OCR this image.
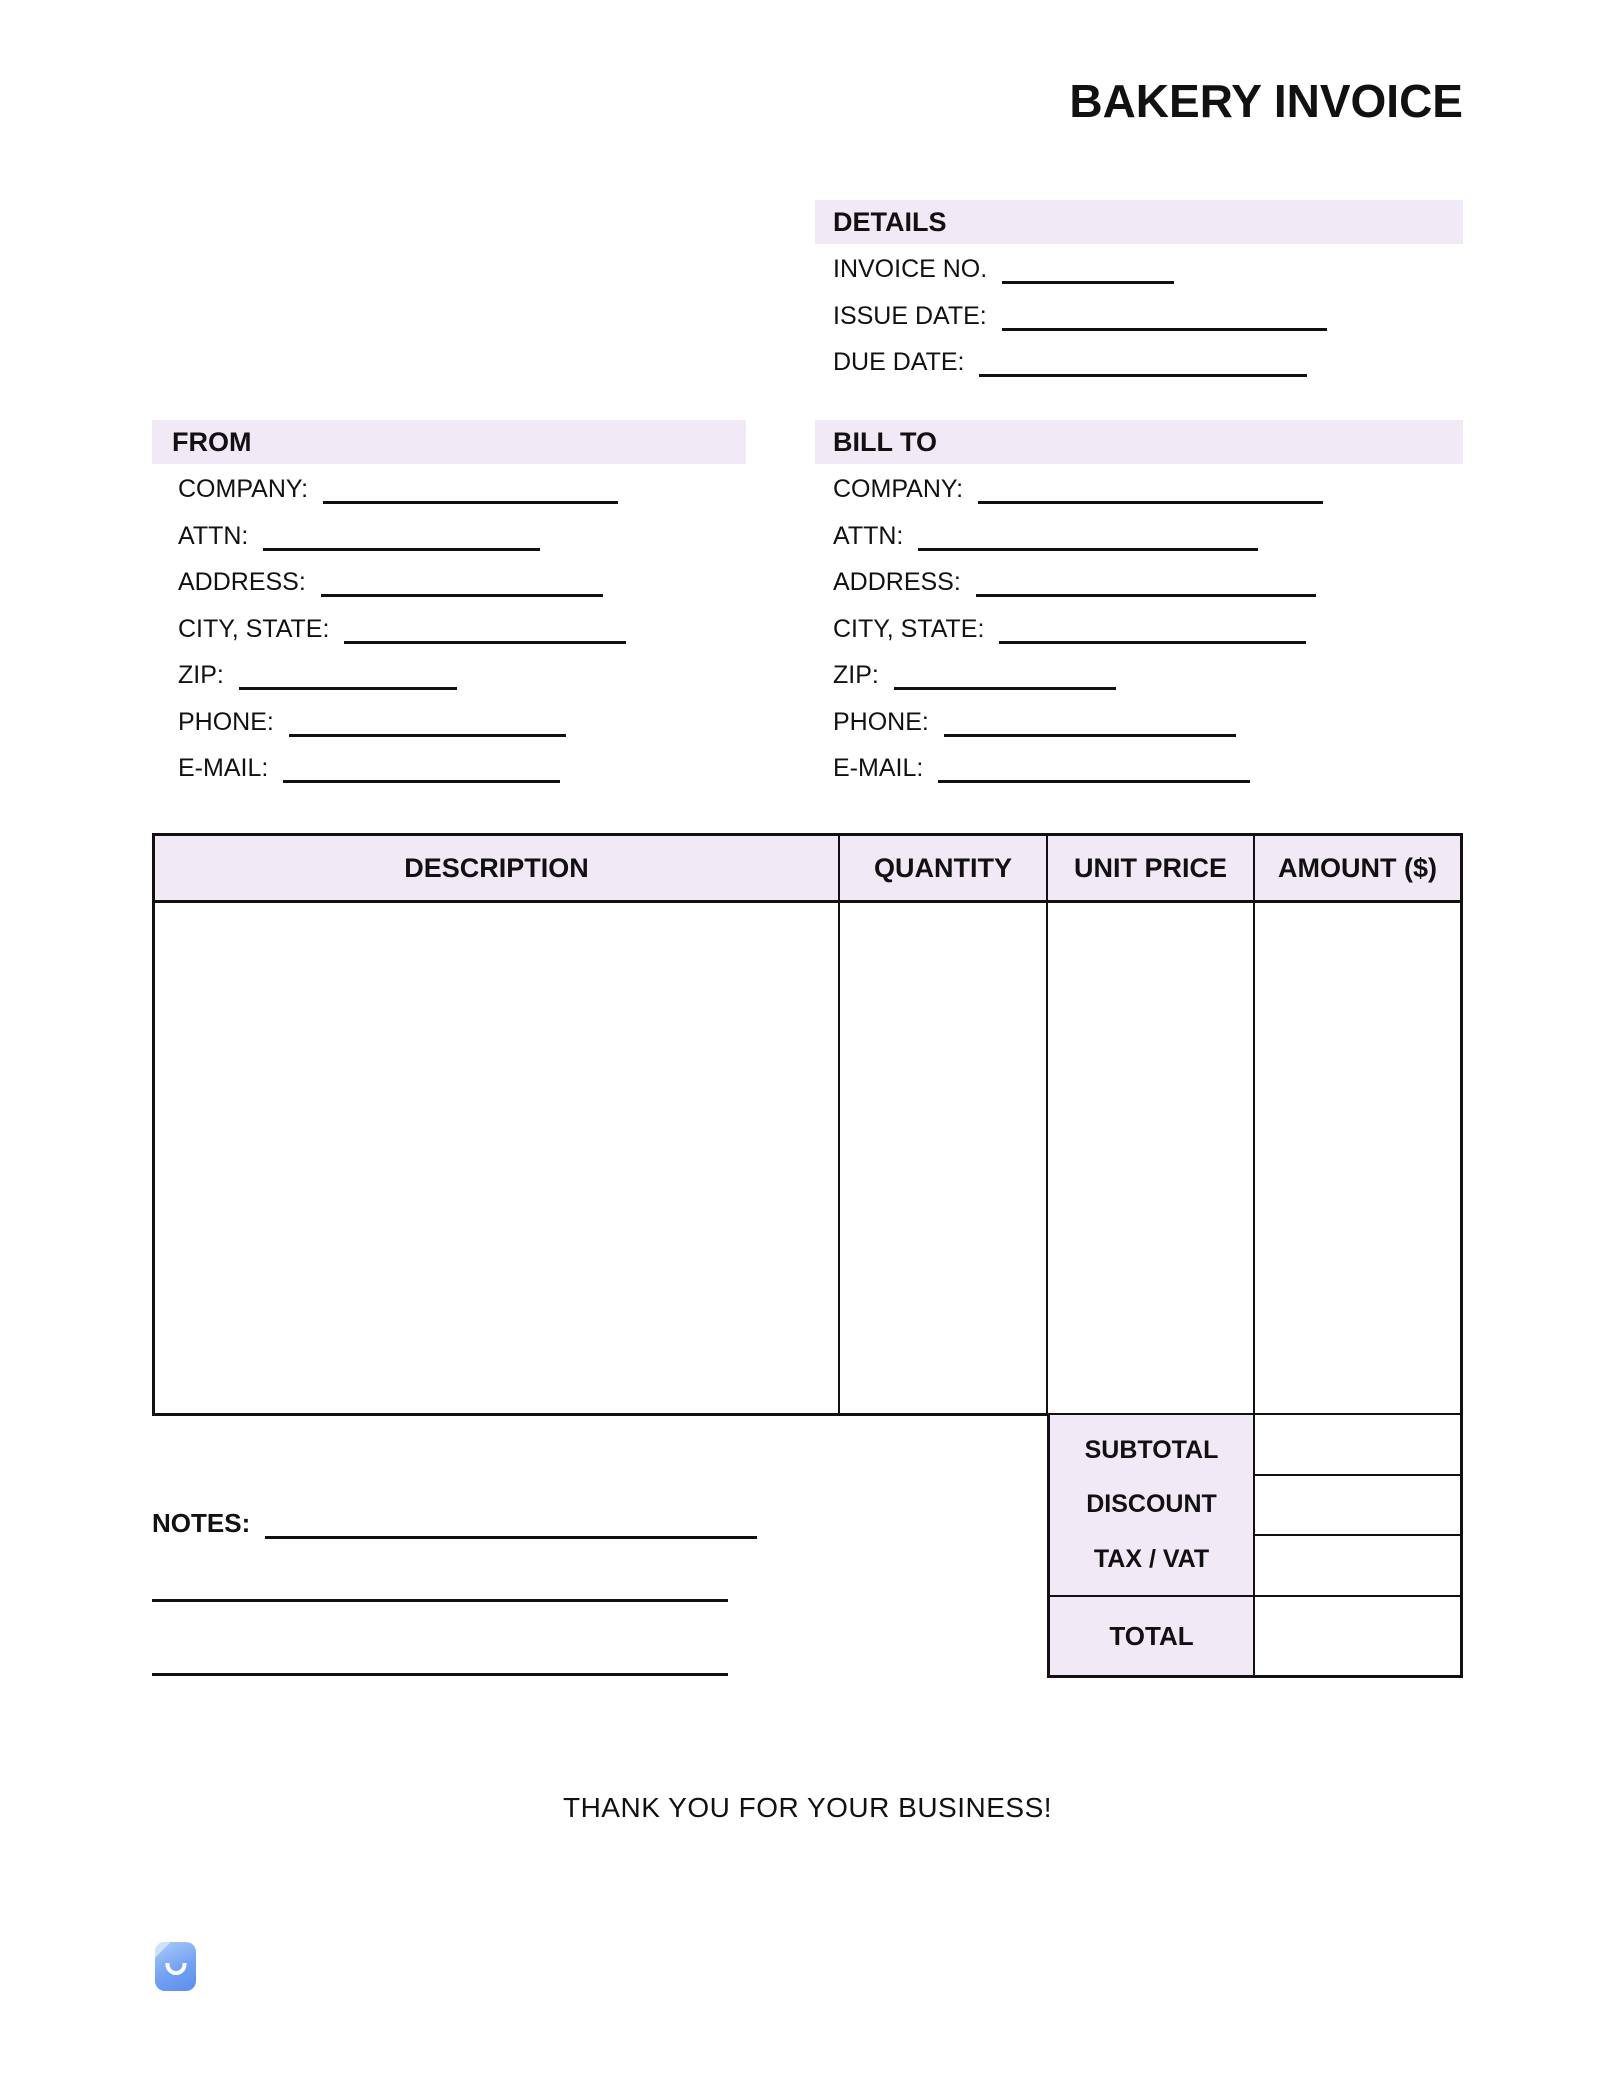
BAKERY INVOICE
DETAILS
INVOICE NO.
ISSUE DATE:
DUE DATE:
FROM
COMPANY:
ATTN:
ADDRESS:
CITY, STATE:
ZIP:
PHONE:
E-MAIL:
BILL TO
COMPANY:
ATTN:
ADDRESS:
CITY, STATE:
ZIP:
PHONE:
E-MAIL:
DESCRIPTION	QUANTITY	UNIT PRICE	AMOUNT ($)
SUBTOTAL
DISCOUNT
TAX / VAT
TOTAL
NOTES:
THANK YOU FOR YOUR BUSINESS!
